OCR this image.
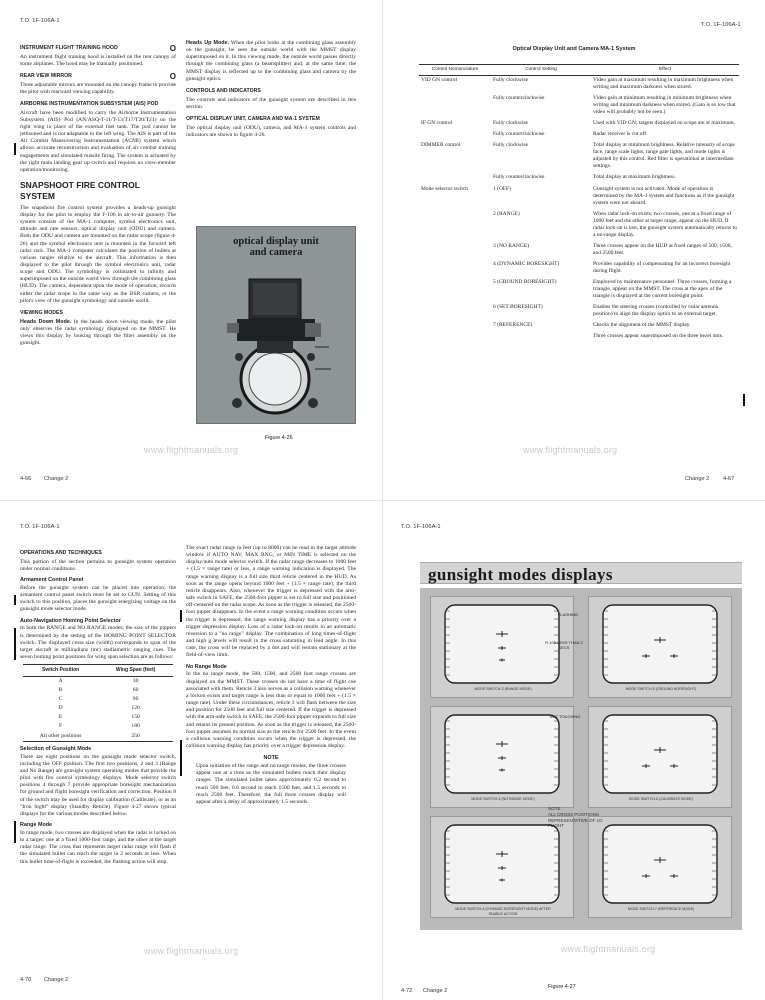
T.O. 1F-106A-1
O
INSTRUMENT FLIGHT TRAINING HOOD

An instrument flight training hood is installed on the rear canopy of some airplanes. The hood may be manually positioned.

O
REAR VIEW MIRROR

Three adjustable mirrors are mounted on the canopy frame to provide the pilot with rearward viewing capability.

AIRBORNE INSTRUMENTATION SUBSYSTEM (AIS) POD

Aircraft have been modified to carry the Airborne Instrumentation Subsystem (AIS) Pod (AN/ASQ-T-11/T-13/T17/T20/T21) on the right wing in place of the external fuel tank. The pod cannot be jettisoned and is not adaptable to the left wing. The AIS is part of the Air Combat Maneuvering Instrumentation (ACMI) system which allows accurate reconstruction and evaluation of air combat training engagements and simulated missile firing. The system is actuated by the right main landing gear up switch and requires no crew-member operation/monitoring.

SNAPSHOOT FIRE CONTROL SYSTEM

The snapshoot fire control system provides a heads-up gunsight display for the pilot to employ the F-106 in air-to-air gunnery. The system consists of the MA-1 computer, symbol electronics unit, attitude and rate sensors, optical display unit (ODU) and camera. Both the ODU and camera are mounted on the radar scope (figure 4-26) and the symbol electronics unit is mounted in the forward left radar rack. The MA-1 computer calculates the position of bullets at various ranges relative to the aircraft. This information is then displayed to the pilot through the symbol electronics unit, radar scope and ODU. The symbology is collimated to infinity and superimposed on the outside world view through the combining glass (HUD). The camera, dependent upon the mode of operation, records either the radar scope in the same way as the DSR camera, or the pilot's view of the gunsight symbology and outside world.

VIEWING MODES

Heads Down Mode. In the heads down viewing mode, the pilot only observes the radar symbology displayed on the MMST. He views this display by looking through the filter assembly on the gunsight.

Heads Up Mode. When the pilot looks at the combining glass assembly on the gunsight, he sees the outside world with the MMST display superimposed on it. In this viewing mode, the outside world passes directly through the combining glass (a beamsplitter) and, at the same time, the MMST display is reflected up to the combining glass and camera by the gunsight optics.

CONTROLS AND INDICATORS

The controls and indicators of the gunsight system are described in this section.

OPTICAL DISPLAY UNIT, CAMERA AND MA-1 SYSTEM

The optical display unit (ODU), camera, and MA-1 system controls and indicators are shown in figure 4-26.

optical display unit
and camera
Figure 4-26
www.flightmanuals.org
4-66 Change 2
T.O. 1F-106A-1
Optical Display Unit and Camera MA-1 System
Control Nomenclature	Control Setting	Effect
VID GN control	Fully clockwise	Video gain at maximum resulting in maximum brightness when writing and maximum darkness when stored.
	Fully counterclockwise	Video gain at minimum resulting in minimum brightness when writing and minimum darkness when stored. (Gain is so low that video will probably not be seen.)
IF GN control	Fully clockwise	Used with VID GN; targets displayed on scope are at maximum.
	Fully counterclockwise	Radar receiver is cut off.
DIMMER control	Fully clockwise	Total display at minimum brightness. Relative intensity of scope face, range scale lights, range gate lights, and mode lights is adjusted by this control. Red filter is operational at intermediate settings.
	Fully counterclockwise	Total display at maximum brightness.
Mode selector switch	1 (OFF)	Gunsight system is not activated. Mode of operation is determined by the MA-1 system and functions as if the gunsight system were not aboard.
	2 (RANGE)	When radar lock-on exists, two crosses, one at a fixed range of 1000 feet and the other at target range, appear on the HUD. If radar lock-on is lost, the gunsight system automatically returns to a no-range display.
	3 (NO RANGE)	Three crosses appear on the HUD at fixed ranges of 500, 1500, and 2500 feet.
	4 (DYNAMIC BORESIGHT)	Provides capability of compensating for an incorrect boresight during flight.
	5 (GROUND BORESIGHT)	Employed by maintenance personnel. Three crosses, forming a triangle, appear on the MMST. The cross at the apex of the triangle is displayed at the current boresight point.
	6 (SET BORESIGHT)	Enables the steering crosses (controlled by radar antenna position) to align the display optics to an external target.
	7 (REFERENCE)	Checks the alignment of the MMST display.
		Three crosses appear superimposed on the three bezel dots.
www.flightmanuals.org
Change 2 4-67
T.O. 1F-106A-1
OPERATIONS AND TECHNIQUES

This portion of the section pertains to gunsight system operation under normal conditions.

Armament Control Panel

Before the gunsight system can be placed into operation, the armament control panel switch must be set to GUN. Setting of this switch to this position, places the gunsight energizing voltage on the gunsight mode selector mode.

Auto-Navigation Homing Point Selector

In both the RANGE and NO RANGE modes, the size of the pippers is determined by the setting of the HOMING POINT SELECTOR switch. The displayed cross size (width) corresponds to span of the target aircraft in milliradians (mr) stadiametric ranging cues. The seven homing point positions for wing span selection are as follows:

Switch Position	Wing Span (feet)
A	30
B	60
C	90
D	120
E	150
F	180
All other positions	250
Selection of Gunsight Mode

There are eight positions on the gunsight mode selector switch, including the OFF position. The first two positions, 2 and 3 (Range and No Range) are gunsight system operating modes that provide the pilot with fire control symbology displays. Mode selector switch positions 4 through 7 provide appropriate boresight mechanization for ground and flight boresight verification and correction. Position 8 of the switch may be used for display calibration (Calibrate), or as an "Iron Sight" display (Standby Reticle). Figure 4-27 shows typical displays for the various modes described below.

Range Mode

In range mode, two crosses are displayed when the radar is locked on to a target: one at a fixed 1000-foot range, and the other at the target radar range. The cross that represents target radar range will flash if the simulated bullet can reach the target in 2 seconds or less. When this bullet time-of-flight is exceeded, the flashing action will stop.

The exact radar range in feet (up to 8000) can be read in the target altitude window if AUTO NAV, MAX RNG, or MIN TIME is selected on the display/auto mode selector switch. If the radar range decreases to 1000 feet + (1.5 × range rate) or less, a range warning indication is displayed. The range warning display is a full size third reticle centered in the HUD. As soon as the range opens beyond 1000 feet + (1.5 × range rate), the third reticle disappears. Also, whenever the trigger is depressed with the arm-safe switch in SAFE, the 2500-foot pipper is set to full size and positioned off-centered on the radar scope. As soon as the trigger is released, the 2500-foot pipper disappears. In the event a range warning condition occurs when the trigger is depressed, the range warning display has a priority over a trigger depression display. Loss of a radar lock-on results in an automatic reversion to a "no range" display. The combination of long times-of-flight and high g levels will result in the cross saturating in lead angle. In this case, the cross will be replaced by a dot and will remain stationary at the field-of-view limit.

No Range Mode

In the no range mode, the 500, 1500, and 2500 foot range crosses are displayed on the MMST. These crosses do not have a time of flight cue associated with them. Reticle 3 also serves as a collision warning whenever a lockon exists and target range is less than or equal to 1000 feet + (1.5 × range rate). Under these circumstances, reticle 3 will flash between the size and position for 2500 feet and full size centered. If the trigger is depressed with the arm-safe switch in SAFE, the 2500-foot pipper expands to full size and retains its present position. As soon as the trigger is released, the 2500-foot pipper assumes its normal size as the reticle for 2500 feet. In the event a collision warning condition occurs when the trigger is depressed, the collision warning display has priority over a trigger depression display.

NOTE

Upon initiation of the range and no range modes, the three crosses appear one at a time as the simulated bullets reach their display ranges. The simulated bullet takes approximately 0.2 second to reach 500 feet, 0.6 second to reach 1500 feet, and 1.5 seconds to reach 2500 feet. Therefore, the full three crosses display will appear after a delay of approximately 1.5 seconds.

www.flightmanuals.org
4-70 Change 2
T.O. 1F-106A-1
gunsight modes displays
MODE SWITCH-2 (RANGE MODE)	MODE SWITCH-5 (GROUND BORESIGHT)
MODE SWITCH-3 (NO RANGE MODE)	MODE SWITCH-6 (CALIBRATE MODE)
MODE SWITCH-4 (DYNAMIC BORESIGHT MODE) AFTER ENABLE ACTION
MODE SWITCH-7 (REFERENCE MODE)
FLASHING
R 100-LESS THAN 2 SECS
NOT TOUCHING
NOTE
ALL CROSS POSITIONS REPRESENTATIVE OF 1G FLIGHT
Figure 4-27
www.flightmanuals.org
4-72 Change 2
